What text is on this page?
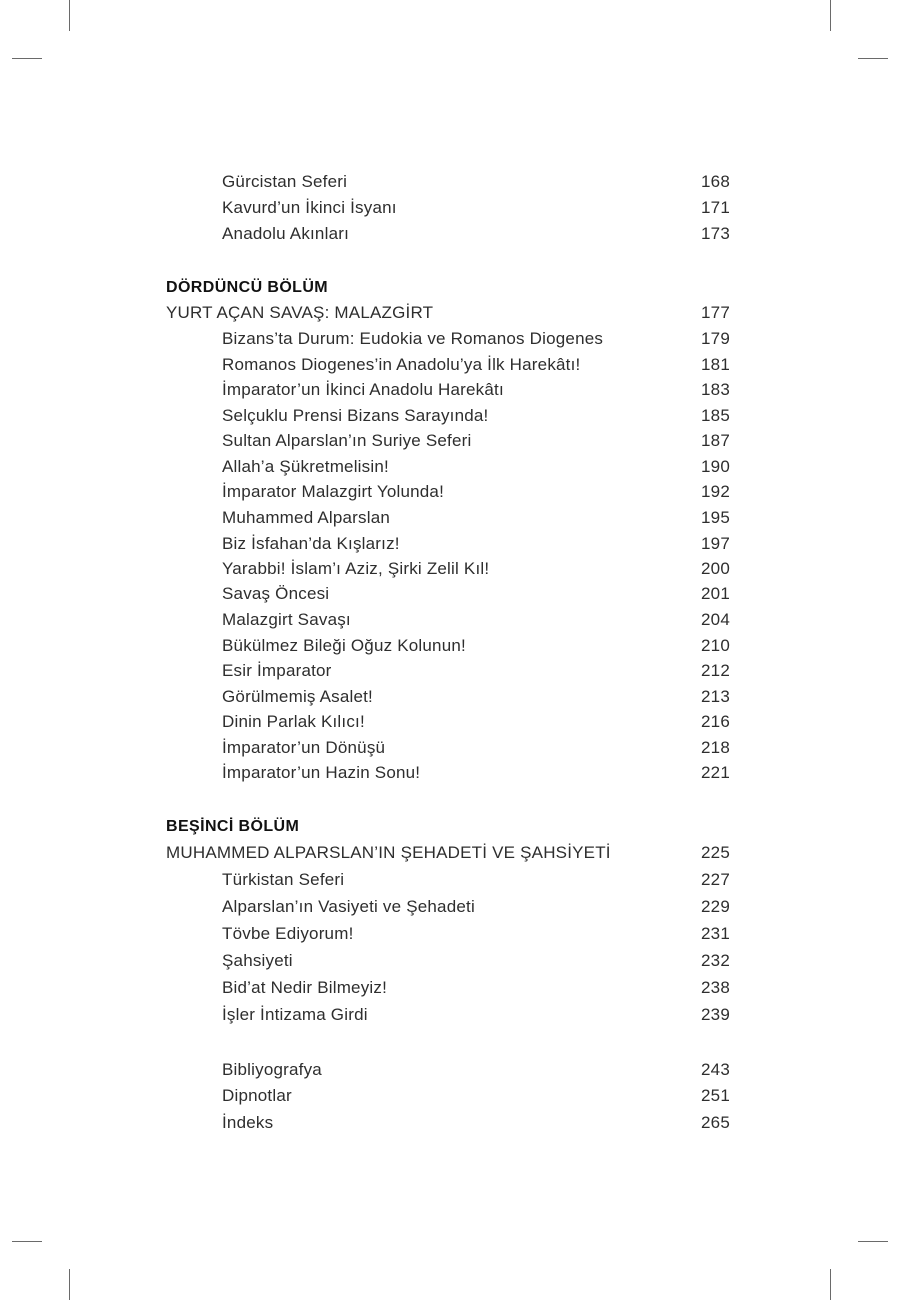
Gürcistan Seferi	168
Kavurd’un İkinci İsyanı	171
Anadolu Akınları	173
DÖRDÜNCÜ BÖLÜM
YURT AÇAN SAVAŞ: MALAZGİRT	177
Bizans’ta Durum: Eudokia ve Romanos Diogenes	179
Romanos Diogenes’in Anadolu’ya İlk Harekâtı!	181
İmparator’un İkinci Anadolu Harekâtı	183
Selçuklu Prensi Bizans Sarayında!	185
Sultan Alparslan’ın Suriye Seferi	187
Allah’a Şükretmelisin!	190
İmparator Malazgirt Yolunda!	192
Muhammed Alparslan	195
Biz İsfahan’da Kışlarız!	197
Yarabbi! İslam’ı Aziz, Şirki Zelil Kıl!	200
Savaş Öncesi	201
Malazgirt Savaşı	204
Bükülmez Bileği Oğuz Kolunun!	210
Esir İmparator	212
Görülmemiş Asalet!	213
Dinin Parlak Kılıcı!	216
İmparator’un Dönüşü	218
İmparator’un Hazin Sonu!	221
BEŞİNCİ BÖLÜM
MUHAMMED ALPARSLAN’IN ŞEHADETİ VE ŞAHSİYETİ	225
Türkistan Seferi	227
Alparslan’ın Vasiyeti ve Şehadeti	229
Tövbe Ediyorum!	231
Şahsiyeti	232
Bid’at Nedir Bilmeyiz!	238
İşler İntizama Girdi	239
Bibliyografya	243
Dipnotlar	251
İndeks	265
